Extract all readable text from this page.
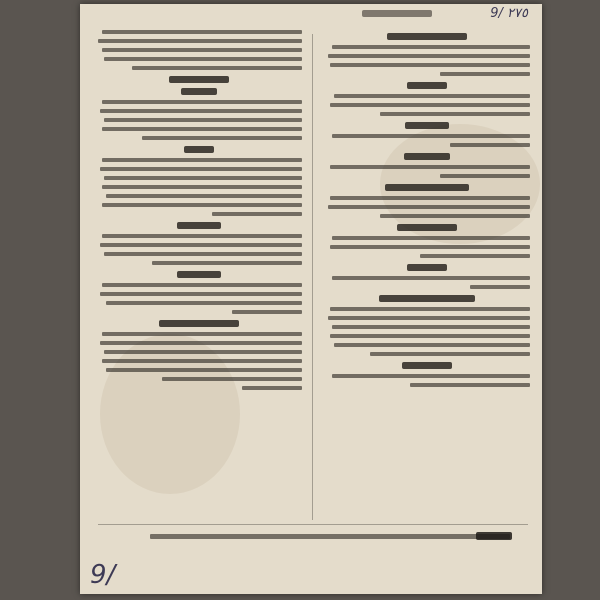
9/ ٢٧٥
9/
